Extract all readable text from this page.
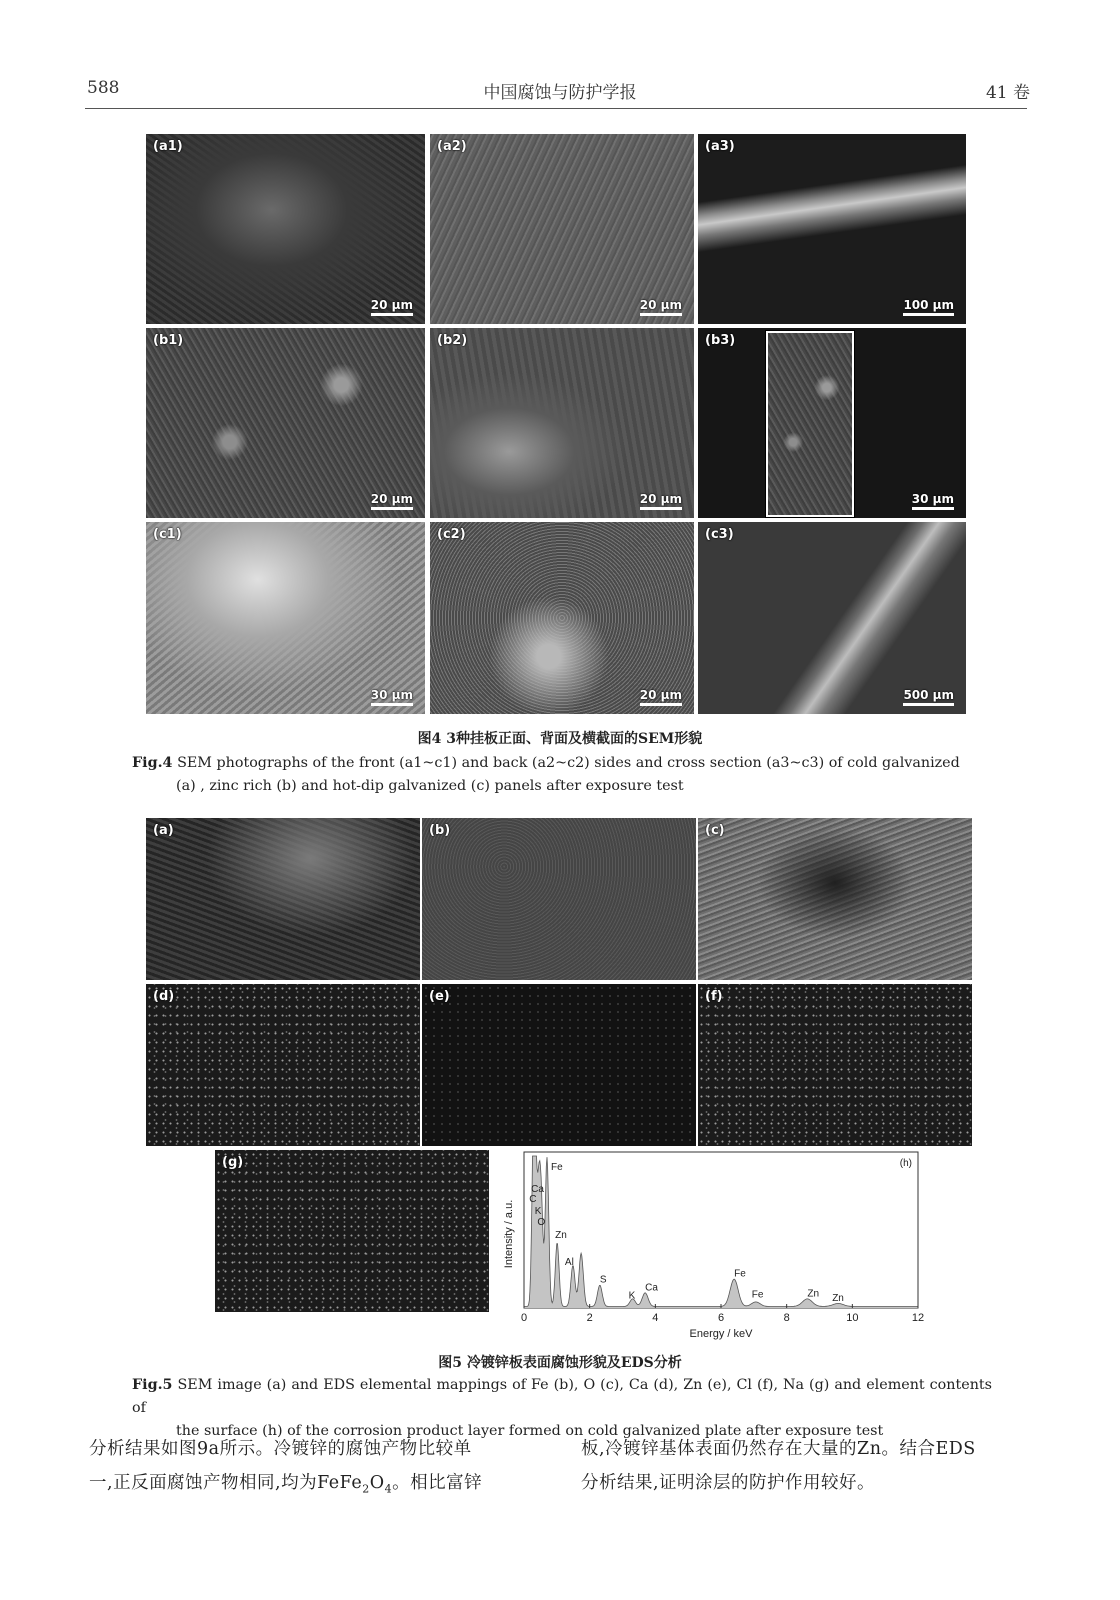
588	中国腐蚀与防护学报	41 卷
(a1)
20 μm
(a2)
20 μm
(a3)
100 μm
(b1)
20 μm
(b2)
20 μm
(b3)
30 μm
(c1)
30 μm
(c2)
20 μm
(c3)
500 μm
图4 3种挂板正面、背面及横截面的SEM形貌
Fig.4 SEM photographs of the front (a1~c1) and back (a2~c2) sides and cross section (a3~c3) of cold galvanized
(a) , zinc rich (b) and hot-dip galvanized (c) panels after exposure test
(a)	(b)	(c)
(d)	(e)	(f)
(g)
C
Ca
K
O
Fe
Zn
Al
S
K
Ca
Fe
Fe	Zn Zn
0	2	4	6	8	10	12
Energy / keV
Intensity / a.u.
(h)
图5 冷镀锌板表面腐蚀形貌及EDS分析
Fig.5 SEM image (a) and EDS elemental mappings of Fe (b), O (c), Ca (d), Zn (e), Cl (f), Na (g) and element contents of
the surface (h) of the corrosion product layer formed on cold galvanized plate after exposure test
分析结果如图9a所示。冷镀锌的腐蚀产物比较单
一,正反面腐蚀产物相同,均为$FeFe_2O_4$。相比富锌
板,冷镀锌基体表面仍然存在大量的Zn。结合EDS
分析结果,证明涂层的防护作用较好。
